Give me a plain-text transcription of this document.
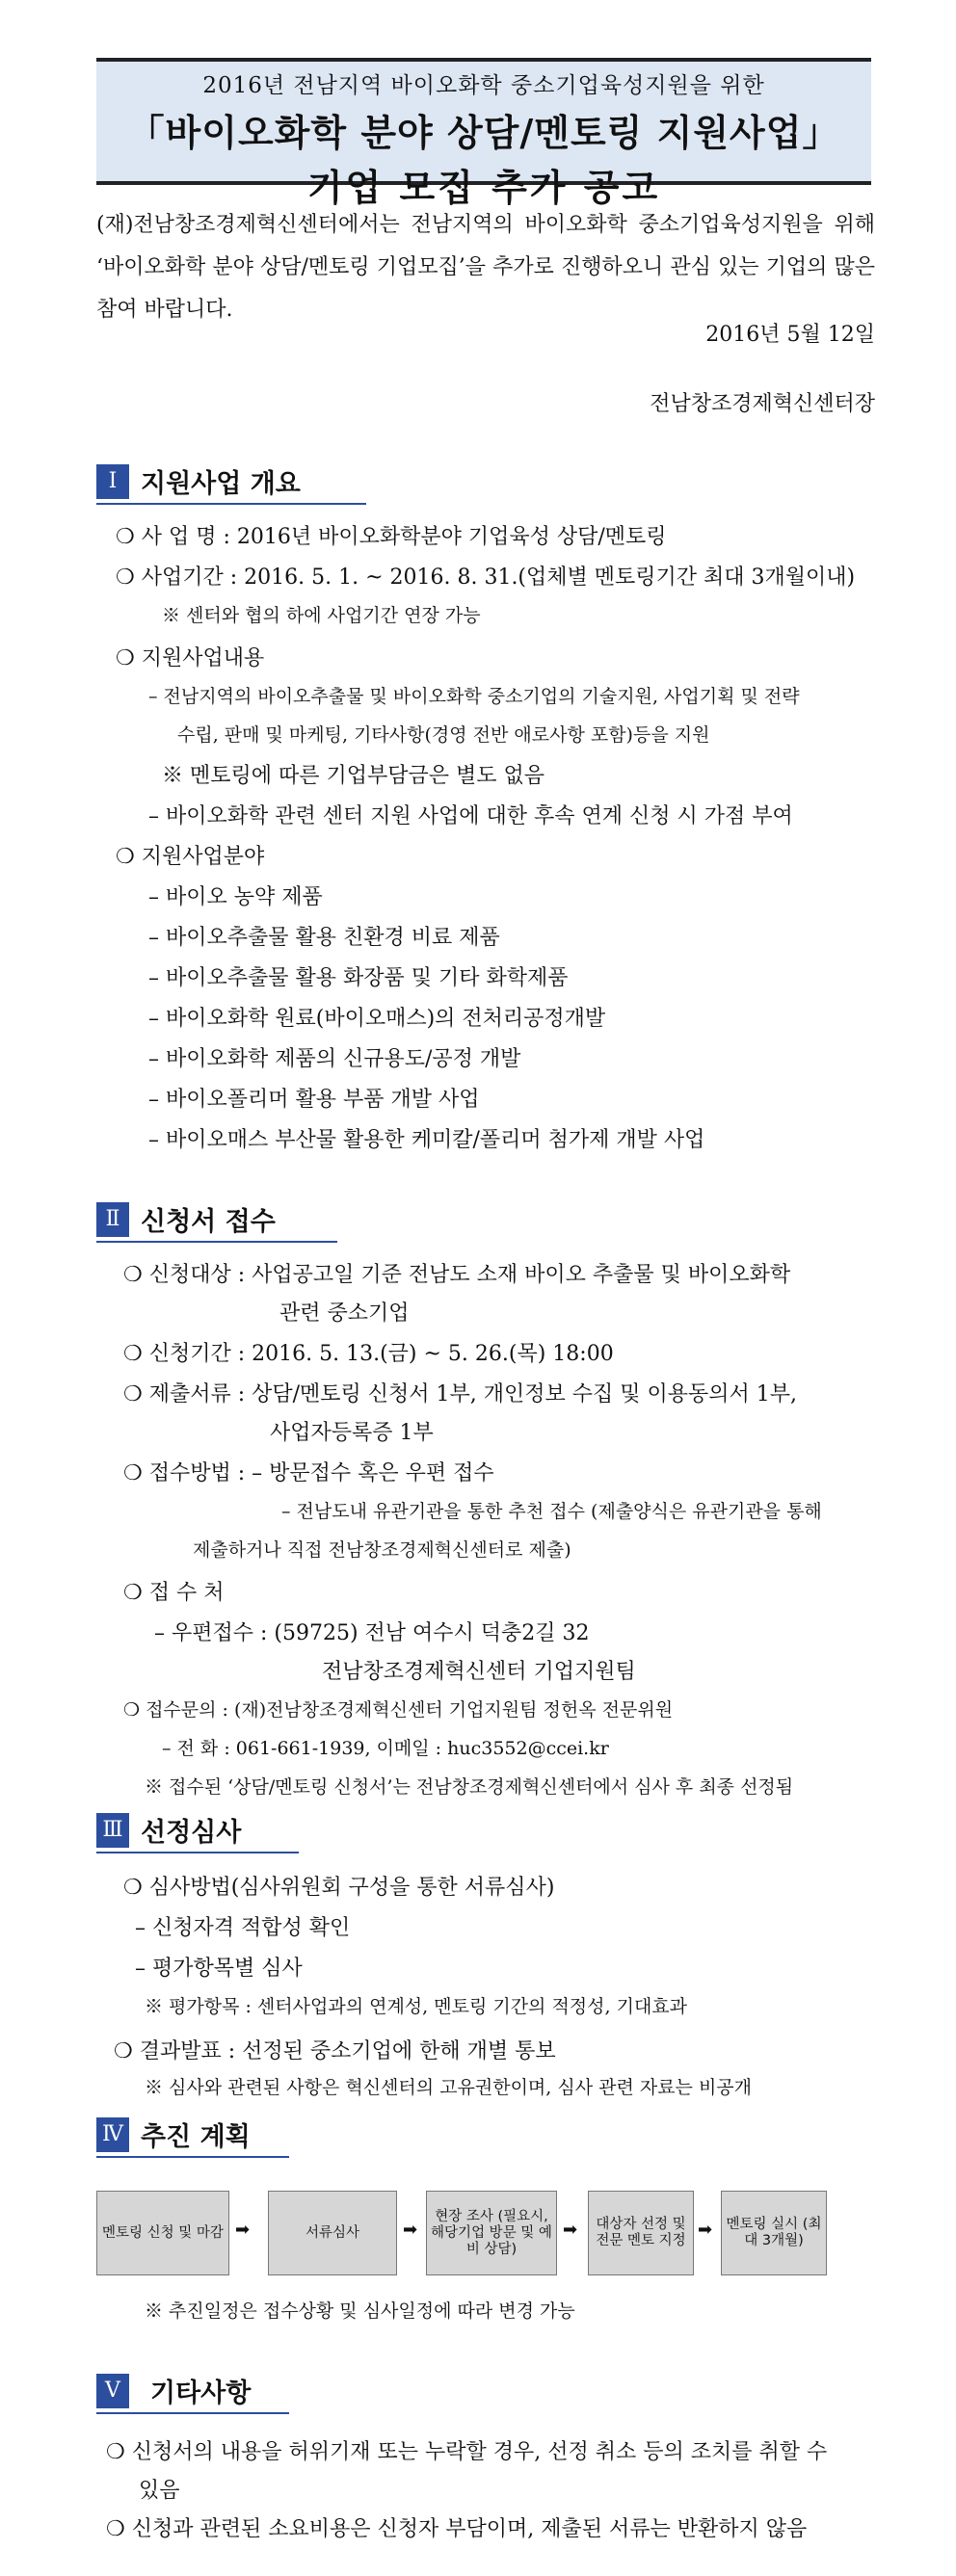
2016년 전남지역 바이오화학 중소기업육성지원을 위한
「바이오화학 분야 상담/멘토링 지원사업」
기업 모집 추가 공고
(재)전남창조경제혁신센터에서는 전남지역의 바이오화학 중소기업육성지원을 위해 ‘바이오화학 분야 상담/멘토링 기업모집’을 추가로 진행하오니 관심 있는 기업의 많은 참여 바랍니다.
2016년 5월 12일
전남창조경제혁신센터장
Ⅰ 지원사업 개요
❍ 사 업 명 : 2016년 바이오화학분야 기업육성 상담/멘토링
❍ 사업기간 : 2016. 5. 1. ~ 2016. 8. 31.(업체별 멘토링기간 최대 3개월이내)
※ 센터와 협의 하에 사업기간 연장 가능
❍ 지원사업내용
– 전남지역의 바이오추출물 및 바이오화학 중소기업의 기술지원, 사업기획 및 전략
수립, 판매 및 마케팅, 기타사항(경영 전반 애로사항 포함)등을 지원
※ 멘토링에 따른 기업부담금은 별도 없음
– 바이오화학 관련 센터 지원 사업에 대한 후속 연계 신청 시 가점 부여
❍ 지원사업분야
– 바이오 농약 제품
– 바이오추출물 활용 친환경 비료 제품
– 바이오추출물 활용 화장품 및 기타 화학제품
– 바이오화학 원료(바이오매스)의 전처리공정개발
– 바이오화학 제품의 신규용도/공정 개발
– 바이오폴리머 활용 부품 개발 사업
– 바이오매스 부산물 활용한 케미칼/폴리머 첨가제 개발 사업
Ⅱ 신청서 접수
❍ 신청대상 : 사업공고일 기준 전남도 소재 바이오 추출물 및 바이오화학
관련 중소기업
❍ 신청기간 : 2016. 5. 13.(금) ~ 5. 26.(목) 18:00
❍ 제출서류 : 상담/멘토링 신청서 1부, 개인정보 수집 및 이용동의서 1부,
사업자등록증 1부
❍ 접수방법 : – 방문접수 혹은 우편 접수
– 전남도내 유관기관을 통한 추천 접수 (제출양식은 유관기관을 통해
제출하거나 직접 전남창조경제혁신센터로 제출)
❍ 접 수 처
– 우편접수 : (59725) 전남 여수시 덕충2길 32
전남창조경제혁신센터 기업지원팀
❍ 접수문의 : (재)전남창조경제혁신센터 기업지원팀 정헌옥 전문위원
– 전 화 : 061-661-1939, 이메일 : huc3552@ccei.kr
※ 접수된 ‘상담/멘토링 신청서’는 전남창조경제혁신센터에서 심사 후 최종 선정됨
Ⅲ 선정심사
❍ 심사방법(심사위원회 구성을 통한 서류심사)
– 신청자격 적합성 확인
– 평가항목별 심사
※ 평가항목 : 센터사업과의 연계성, 멘토링 기간의 적정성, 기대효과
❍ 결과발표 : 선정된 중소기업에 한해 개별 통보
※ 심사와 관련된 사항은 혁신센터의 고유권한이며, 심사 관련 자료는 비공개
Ⅳ 추진 계획
멘토링 신청 및 마감 ➡	서류심사	➡
현장 조사 (필요시, 해당기업 방문 및 예비 상담)
➡	대상자 선정 및 전문 멘토 지정
➡ 멘토링 실시 (최대 3개월)
※ 추진일정은 접수상황 및 심사일정에 따라 변경 가능
Ⅴ 기타사항
❍ 신청서의 내용을 허위기재 또는 누락할 경우, 선정 취소 등의 조치를 취할 수
있음
❍ 신청과 관련된 소요비용은 신청자 부담이며, 제출된 서류는 반환하지 않음
